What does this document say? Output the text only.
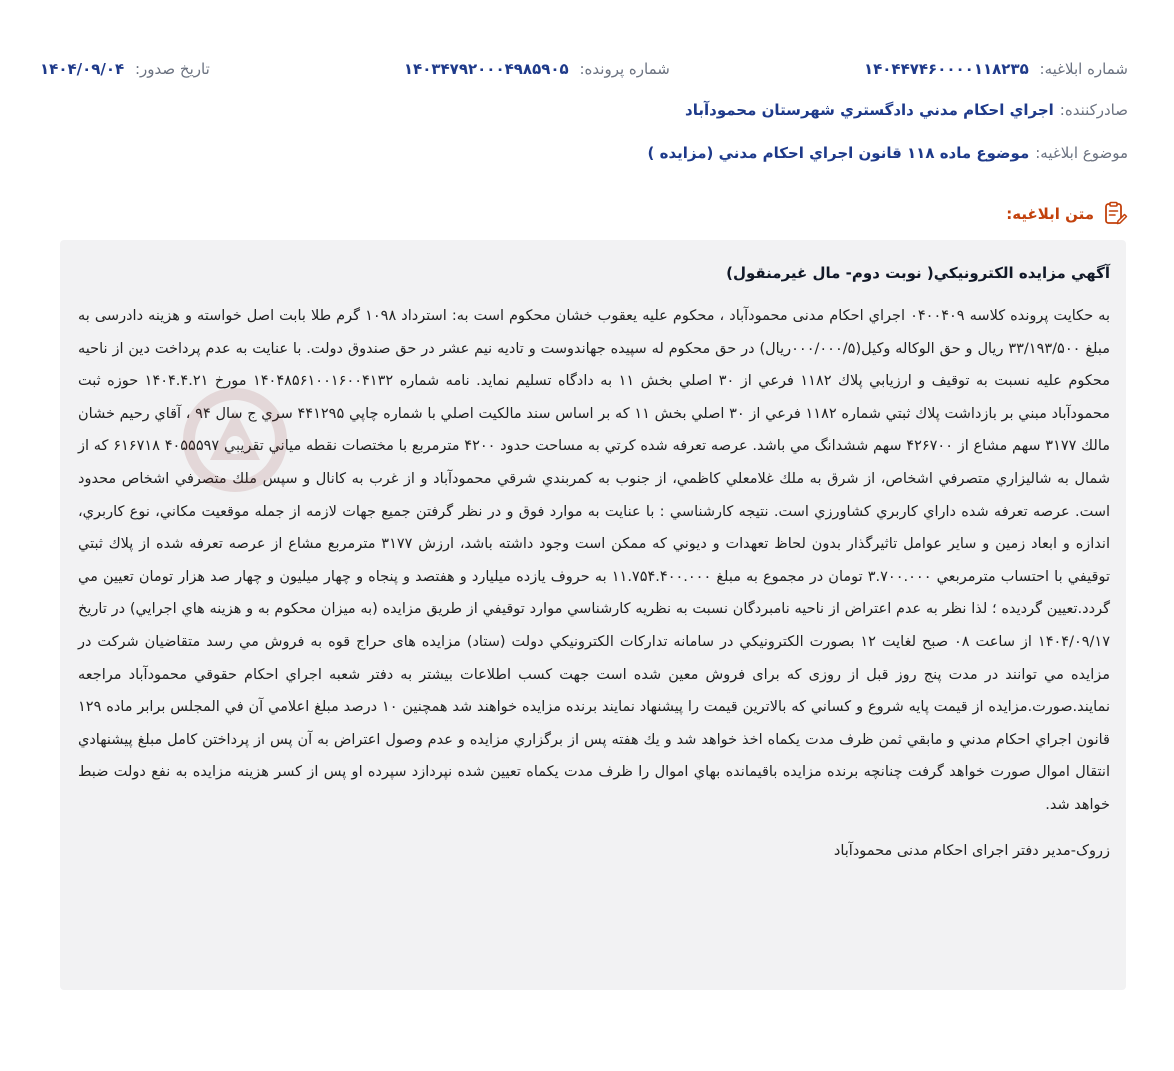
شماره ابلاغيه: ۱۴۰۴۴۷۴۶۰۰۰۰۱۱۸۲۳۵
شماره پرونده: ۱۴۰۳۴۷۹۲۰۰۰۴۹۸۵۹۰۵
تاريخ صدور: ۱۴۰۴/۰۹/۰۴
صادرکننده:
اجراي احکام مدني دادگستري شهرستان محمودآباد
موضوع ابلاغيه:
موضوع ماده ۱۱۸ قانون اجراي احکام مدني (مزايده )
متن ابلاغيه:
آگهي مزايده الکترونيکي( نوبت دوم- مال غيرمنقول)

به حکایت پرونده کلاسه ۰۴۰۰۴۰۹ اجراي احکام مدنی محمودآباد ، محکوم علیه یعقوب خشان محکوم است به: استرداد ۱۰۹۸ گرم طلا بابت اصل خواسته و هزینه دادرسی به مبلغ ۳۳/۱۹۳/۵۰۰ ریال و حق الوکاله وکیل(۰۰۰/۰۰۰/۵ریال) در حق محکوم له سپیده جهاندوست و تادیه نیم عشر در حق صندوق دولت. با عنایت به عدم پرداخت دین از ناحیه محکوم علیه نسبت به توقیف و ارزیابي پلاك ۱۱۸۲ فرعي از ۳۰ اصلي بخش ۱۱ به دادگاه تسليم نمايد. نامه شماره ۱۴۰۴۸۵۶۱۰۰۱۶۰۰۴۱۳۲ مورخ ۱۴۰۴.۴.۲۱ حوزه ثبت محمودآباد مبني بر بازداشت پلاك ثبتي شماره ۱۱۸۲ فرعي از ۳۰ اصلي بخش ۱۱ که بر اساس سند مالکيت اصلي با شماره چاپي ۴۴۱۲۹۵ سري ج سال ۹۴ ، آقاي رحيم خشان مالك ۳۱۷۷ سهم مشاع از ۴۲۶۷۰۰ سهم ششدانگ مي باشد. عرصه تعرفه شده کرتي به مساحت حدود ۴۲۰۰ مترمربع با مختصات نقطه مياني تقريبي ۴۰۵۵۵۹۷ ۶۱۶۷۱۸ که از شمال به شاليزاري متصرفي اشخاص، از شرق به ملك غلامعلي کاظمي، از جنوب به کمربندي شرقي محمودآباد و از غرب به کانال و سپس ملك متصرفي اشخاص محدود است. عرصه تعرفه شده داراي کاربري کشاورزي است. نتيجه کارشناسي : با عنايت به موارد فوق و در نظر گرفتن جميع جهات لازمه از جمله موقعيت مکاني، نوع کاربري، اندازه و ابعاد زمين و ساير عوامل تاثيرگذار بدون لحاظ تعهدات و ديوني که ممکن است وجود داشته باشد، ارزش ۳۱۷۷ مترمربع مشاع از عرصه تعرفه شده از پلاك ثبتي توقيفي با احتساب مترمربعي ۳.۷۰۰.۰۰۰ تومان در مجموع به مبلغ ۱۱.۷۵۴.۴۰۰.۰۰۰ به حروف يازده ميليارد و هفتصد و پنجاه و چهار ميليون و چهار صد هزار تومان تعيين مي گردد.تعيين گرديده ؛ لذا نظر به عدم اعتراض از ناحيه نامبردگان نسبت به نظريه کارشناسي موارد توقيفي از طريق مزايده (به ميزان محکوم به و هزينه هاي اجرايي) در تاريخ ۱۴۰۴/۰۹/۱۷ از ساعت ۰۸ صبح لغايت ۱۲ بصورت الکترونيکي در سامانه تدارکات الکترونيکي دولت (ستاد) مزایده های حراج قوه به فروش مي رسد متقاضيان شرکت در مزايده مي توانند در مدت پنج روز قبل از روزی که برای فروش معين شده است جهت کسب اطلاعات بيشتر به دفتر شعبه اجراي احکام حقوقي محمودآباد مراجعه نمايند.صورت.مزايده از قيمت پايه شروع و کساني که بالاترين قيمت را پيشنهاد نمايند برنده مزايده خواهند شد همچنين ۱۰ درصد مبلغ اعلامي آن في المجلس برابر ماده ۱۲۹ قانون اجراي احکام مدني و مابقي ثمن ظرف مدت يکماه اخذ خواهد شد و يك هفته پس از برگزاري مزايده و عدم وصول اعتراض به آن پس از پرداختن کامل مبلغ پيشنهادي انتقال اموال صورت خواهد گرفت چنانچه برنده مزايده باقيمانده بهاي اموال را ظرف مدت يکماه تعيين شده نپردازد سپرده او پس از کسر هزينه مزايده به نفع دولت ضبط خواهد شد.

زروک-مدير دفتر اجرای احکام مدنی محمودآباد
